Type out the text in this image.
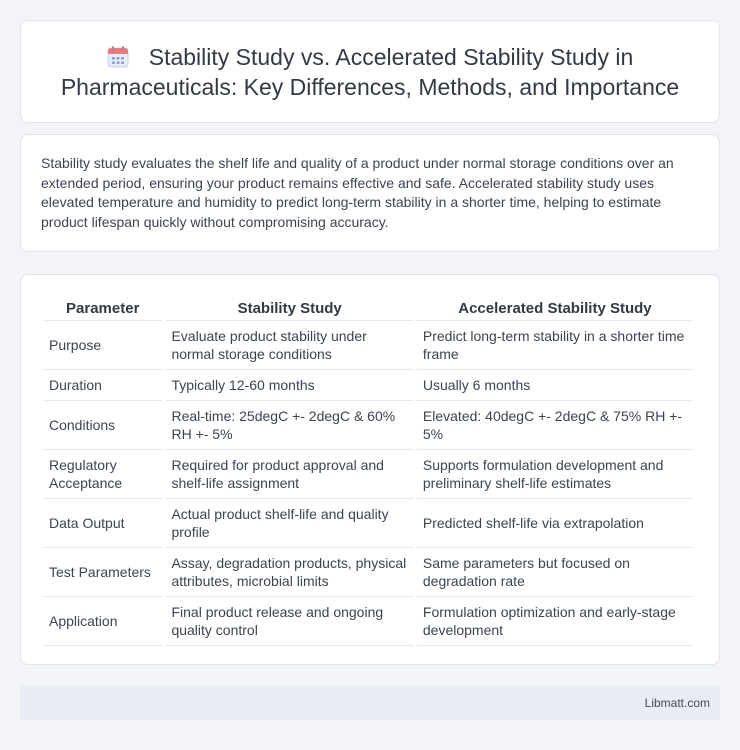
Stability Study vs. Accelerated Stability Study in Pharmaceuticals: Key Differences, Methods, and Importance

Stability study evaluates the shelf life and quality of a product under normal storage conditions over an extended period, ensuring your product remains effective and safe. Accelerated stability study uses elevated temperature and humidity to predict long-term stability in a shorter time, helping to estimate product lifespan quickly without compromising accuracy.

Parameter	Stability Study	Accelerated Stability Study
Purpose	Evaluate product stability under normal storage conditions	Predict long-term stability in a shorter time frame
Duration	Typically 12-60 months	Usually 6 months
Conditions	Real-time: 25degC +- 2degC & 60% RH +- 5%	Elevated: 40degC +- 2degC & 75% RH +- 5%
Regulatory Acceptance	Required for product approval and shelf-life assignment	Supports formulation development and preliminary shelf-life estimates
Data Output	Actual product shelf-life and quality profile	Predicted shelf-life via extrapolation
Test Parameters	Assay, degradation products, physical attributes, microbial limits	Same parameters but focused on degradation rate
Application	Final product release and ongoing quality control	Formulation optimization and early-stage development
Libmatt.com
